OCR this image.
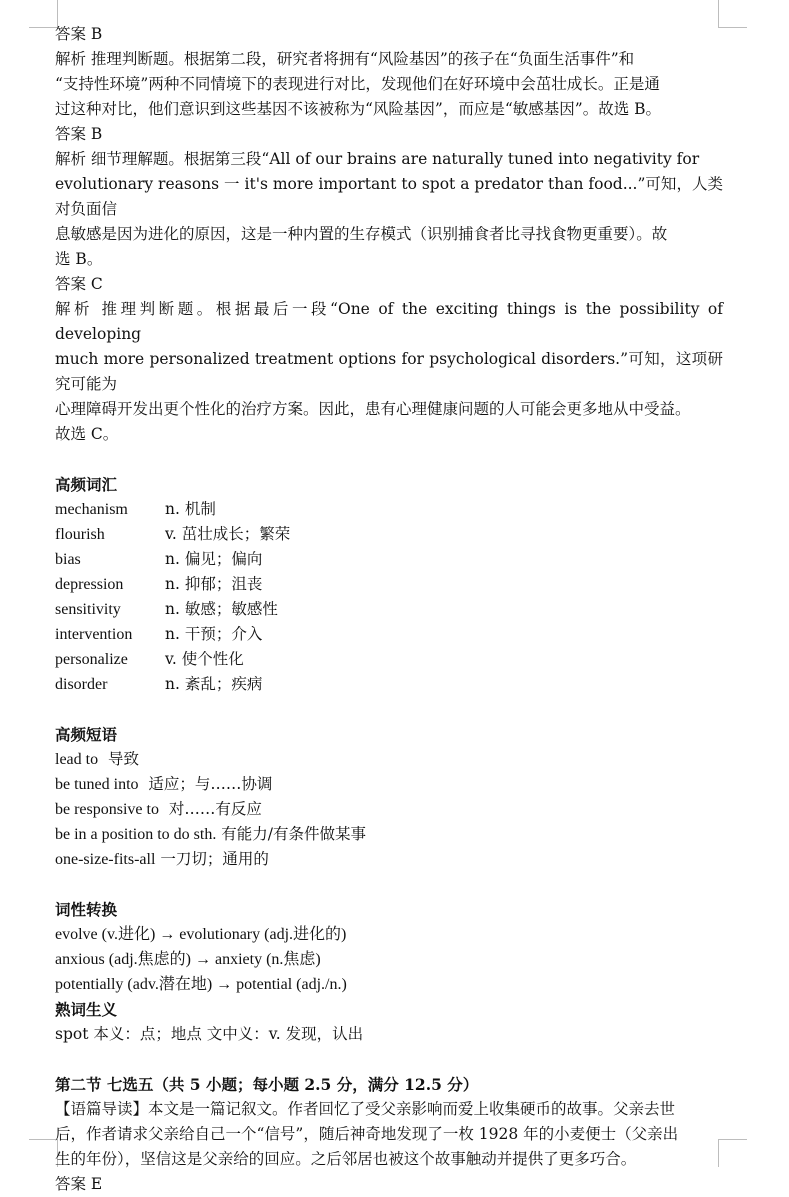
答案 B

解析 推理判断题。根据第二段，研究者将拥有“风险基因”的孩子在“负面生活事件”和
“支持性环境”两种不同情境下的表现进行对比，发现他们在好环境中会茁壮成长。正是通
过这种对比，他们意识到这些基因不该被称为“风险基因”，而应是“敏感基因”。故选 B。

答案 B

解析 细节理解题。根据第三段“All of our brains are naturally tuned into negativity for
evolutionary reasons 一 it's more important to spot a predator than food...”可知，人类对负面信
息敏感是因为进化的原因，这是一种内置的生存模式（识别捕食者比寻找食物更重要）。故
选 B。

答案 C

解析 推理判断题。根据最后一段“One of the exciting things is the possibility of developing
much more personalized treatment options for psychological disorders.”可知，这项研究可能为
心理障碍开发出更个性化的治疗方案。因此，患有心理健康问题的人可能会更多地从中受益。
故选 C。

高频词汇

mechanism	n. 机制
flourish	v. 茁壮成长；繁荣
bias	n. 偏见；偏向
depression	n. 抑郁；沮丧
sensitivity	n. 敏感；敏感性
intervention	n. 干预；介入
personalize	v. 使个性化
disorder	n. 紊乱；疾病

高频短语

lead to 导致

be tuned into 适应；与……协调

be responsive to 对……有反应

be in a position to do sth. 有能力/有条件做某事

one-size-fits-all 一刀切；通用的

词性转换

evolve (v.进化) → evolutionary (adj.进化的)

anxious (adj.焦虑的) → anxiety (n.焦虑)

potentially (adv.潜在地) → potential (adj./n.)

熟词生义

spot 本义：点；地点 文中义：v. 发现，认出

第二节 七选五（共 5 小题；每小题 2.5 分，满分 12.5 分）

【语篇导读】本文是一篇记叙文。作者回忆了受父亲影响而爱上收集硬币的故事。父亲去世
后，作者请求父亲给自己一个“信号”，随后神奇地发现了一枚 1928 年的小麦便士（父亲出
生的年份），坚信这是父亲给的回应。之后邻居也被这个故事触动并提供了更多巧合。

答案 E
